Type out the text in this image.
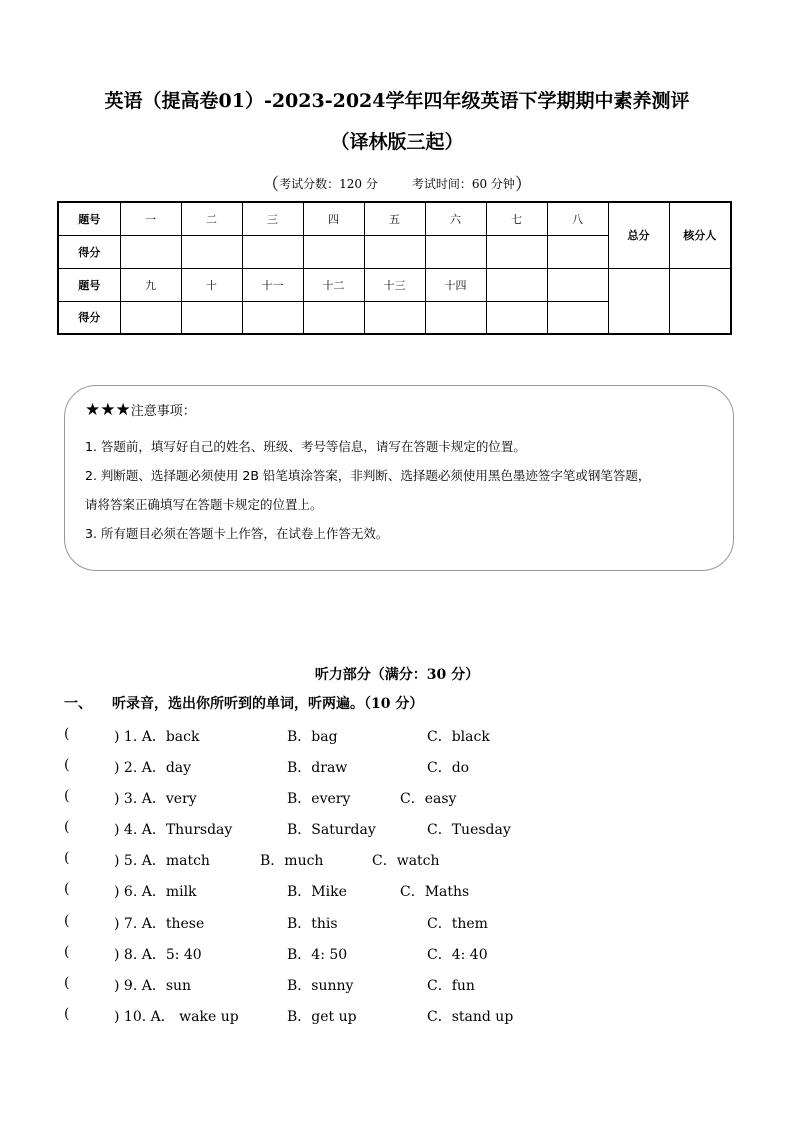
英语（提高卷01）-2023-2024学年四年级英语下学期期中素养测评
（译林版三起）
（考试分数：120 分	考试时间：60 分钟）
题号	一	二	三	四	五	六	七	八	总分	核分人
得分										
题号	九	十	十一	十二	十三	十四				
得分										
★★★注意事项：

1. 答题前，填写好自己的姓名、班级、考号等信息，请写在答题卡规定的位置。

2. 判断题、选择题必须使用 2B 铅笔填涂答案，非判断、选择题必须使用黑色墨迹签字笔或钢笔答题，

请将答案正确填写在答题卡规定的位置上。

3. 所有题目必须在答题卡上作答，在试卷上作答无效。

听力部分（满分：30 分）
一、 听录音，选出你所听到的单词，听两遍。（10 分）
(	) 1. A．back	B．bag	C．black
(	) 2. A．day	B．draw	C．do
(	) 3. A．very	B．every	C．easy
(	) 4. A．Thursday	B．Saturday	C．Tuesday
(	) 5. A．match	B．much	C．watch
(	) 6. A．milk	B．Mike	C．Maths
(	) 7. A．these	B．this	C．them
(	) 8. A．5: 40	B．4: 50	C．4: 40
(	) 9. A．sun	B．sunny	C．fun
(	) 10. A． wake up	B．get up	C．stand up
